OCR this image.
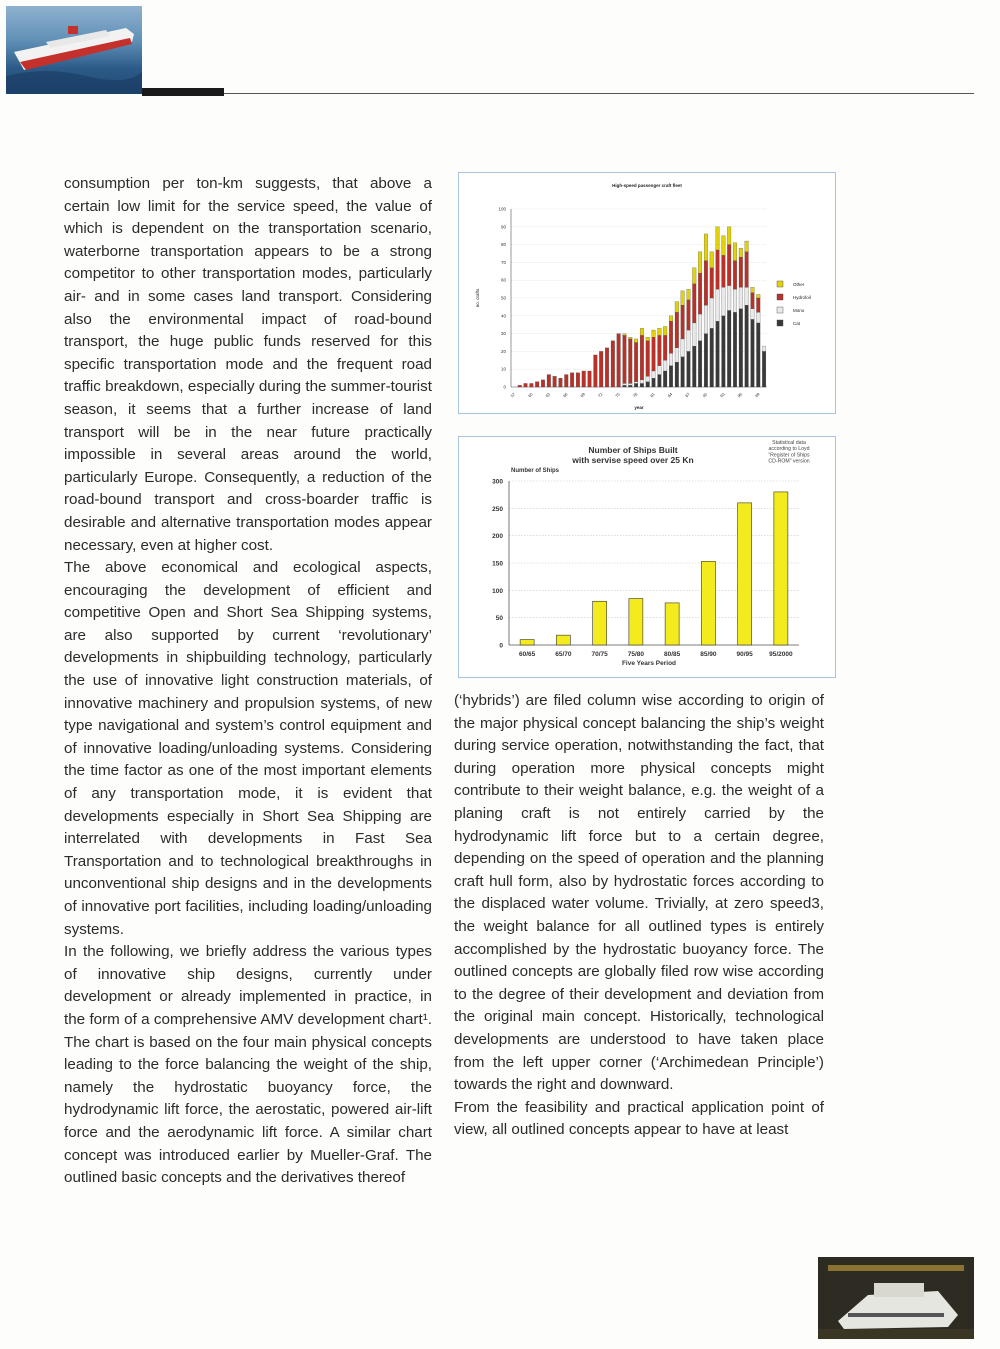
consumption per ton-km suggests, that above a certain low limit for the service speed, the value of which is dependent on the transportation scenario, waterborne transportation appears to be a strong competitor to other transportation modes, particularly air- and in some cases land transport. Considering also the environmental impact of road-bound transport, the huge public funds reserved for this specific transportation mode and the frequent road traffic breakdown, especially during the summer-tourist season, it seems that a further increase of land transport will be in the near future practically impossible in several areas around the world, particularly Europe. Consequently, a reduction of the road-bound transport and cross-boarder traffic is desirable and alternative transportation modes appear necessary, even at higher cost.

The above economical and ecological aspects, encouraging the development of efficient and competitive Open and Short Sea Shipping systems, are also supported by current ‘revolutionary’ developments in shipbuilding technology, particularly the use of innovative light construction materials, of innovative machinery and propulsion systems, of new type navigational and system’s control equipment and of innovative loading/unloading systems. Considering the time factor as one of the most important elements of any transportation mode, it is evident that developments especially in Short Sea Shipping are interrelated with developments in Fast Sea Transportation and to technological breakthroughs in unconventional ship designs and in the developments of innovative port facilities, including loading/unloading systems.

In the following, we briefly address the various types of innovative ship designs, currently under development or already implemented in practice, in the form of a comprehensive AMV development chart¹. The chart is based on the four main physical concepts leading to the force balancing the weight of the ship, namely the hydrostatic buoyancy force, the hydrodynamic lift force, the aerostatic, powered air-lift force and the aerodynamic lift force. A similar chart concept was introduced earlier by Mueller-Graf. The outlined basic concepts and the derivatives thereof

High-speed passenger craft fleet
0
10
20
30
40
50
60
70
80
90
100
57	60	63	66	69	72	75	78	81	84	87	90	93	96	99
year
no. crafts
Other
Hydrofoil
Mono
Cat
Number of Ships Built
with servise speed over 25 Kn
Statistical data according to Loyd “Register of Ships CD-ROM” version
Number of Ships
0
50
100
150
200
250
300
60/65	65/70	70/75	75/80	80/85	85/90	90/95	95/2000
Five Years Period

(‘hybrids’) are filed column wise according to origin of the major physical concept balancing the ship’s weight during service operation, notwithstanding the fact, that during operation more physical concepts might contribute to their weight balance, e.g. the weight of a planing craft is not entirely carried by the hydrodynamic lift force but to a certain degree, depending on the speed of operation and the planning craft hull form, also by hydrostatic forces according to the displaced water volume. Trivially, at zero speed3, the weight balance for all outlined types is entirely accomplished by the hydrostatic buoyancy force. The outlined concepts are globally filed row wise according to the degree of their development and deviation from the original main concept. Historically, technological developments are understood to have taken place from the left upper corner (‘Archimedean Principle’) towards the right and downward.

From the feasibility and practical application point of view, all outlined concepts appear to have at least
